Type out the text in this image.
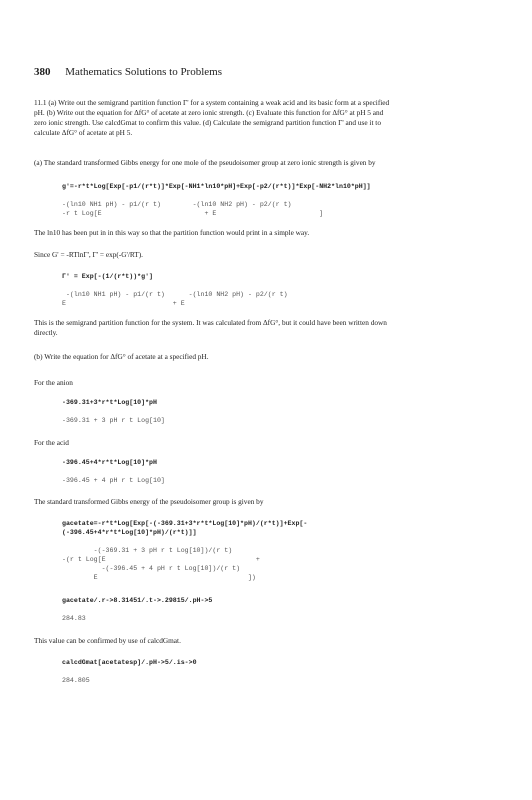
380 Mathematics Solutions to Problems
11.1 (a) Write out the semigrand partition function Γ' for a system containing a weak acid and its basic form at a specified
pH. (b) Write out the equation for ΔfG° of acetate at zero ionic strength. (c) Evaluate this function for ΔfG° at pH 5 and
zero ionic strength. Use calcdGmat to confirm this value. (d) Calculate the semigrand partition function Γ' and use it to
calculate ΔfG° of acetate at pH 5.
(a) The standard transformed Gibbs energy for one mole of the pseudoisomer group at zero ionic strength is given by
g'=-r*t*Log[Exp[-p1/(r*t)]*Exp[-NH1*ln10*pH]+Exp[-p2/(r*t)]*Exp[-NH2*ln10*pH]]
-(ln10 NH1 pH) - p1/(r t)        -(ln10 NH2 pH) - p2/(r t)
-r t Log[E                          + E                          ]
The ln10 has been put in in this way so that the partition function would print in a simple way.
Since G' = -RTlnΓ', Γ' = exp(-G'/RT).
Γ' = Exp[-(1/(r*t))*g']
-(ln10 NH1 pH) - p1/(r t)      -(ln10 NH2 pH) - p2/(r t)
E                           + E
This is the semigrand partition function for the system. It was calculated from ΔfG°, but it could have been written down
directly.
(b) Write the equation for ΔfG° of acetate at a specified pH.
For the anion
-369.31+3*r*t*Log[10]*pH
-369.31 + 3 pH r t Log[10]
For the acid
-396.45+4*r*t*Log[10]*pH
-396.45 + 4 pH r t Log[10]
The standard transformed Gibbs energy of the pseudoisomer group is given by
gacetate=-r*t*Log[Exp[-(-369.31+3*r*t*Log[10]*pH)/(r*t)]+Exp[-
(-396.45+4*r*t*Log[10]*pH)/(r*t)]]
-(-369.31 + 3 pH r t Log[10])/(r t)
-(r t Log[E                                      +
-(-396.45 + 4 pH r t Log[10])/(r t)
E                                      ])
gacetate/.r->8.31451/.t->.29815/.pH->5
284.83
This value can be confirmed by use of calcdGmat.
calcdGmat[acetatesp]/.pH->5/.is->0
284.805
